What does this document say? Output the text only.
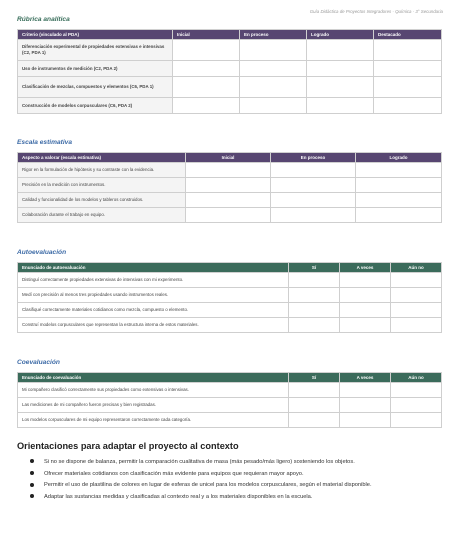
Guía Didáctica de Proyectos Integradores · Química · 3° Secundaria
Rúbrica analítica
Criterio (vinculado al PDA)	Inicial	En proceso	Logrado	Destacado
Diferenciación experimental de propiedades extensivas e intensivas (C2, PDA 1)				
Uso de instrumentos de medición (C2, PDA 2)				
Clasificación de mezclas, compuestos y elementos (C6, PDA 1)				
Construcción de modelos corpusculares (C6, PDA 2)				
Escala estimativa
Aspecto a valorar (escala estimativa)	Inicial	En proceso	Logrado
Rigor en la formulación de hipótesis y su contraste con la evidencia.			
Precisión en la medición con instrumentos.			
Calidad y funcionalidad de los modelos y tableros construidos.			
Colaboración durante el trabajo en equipo.			
Autoevaluación
Enunciado de autoevaluación	Sí	A veces	Aún no
Distinguí correctamente propiedades extensivas de intensivas con mi experimento.			
Medí con precisión al menos tres propiedades usando instrumentos reales.			
Clasifiqué correctamente materiales cotidianos como mezcla, compuesto o elemento.			
Construí modelos corpusculares que representan la estructura interna de estos materiales.			
Coevaluación
Enunciado de coevaluación	Sí	A veces	Aún no
Mi compañero clasificó correctamente sus propiedades como extensivas o intensivas.			
Las mediciones de mi compañero fueron precisas y bien registradas.			
Los modelos corpusculares de mi equipo representaron correctamente cada categoría.			
Orientaciones para adaptar el proyecto al contexto
Si no se dispone de balanza, permitir la comparación cualitativa de masa (más pesado/más ligero) sosteniendo los objetos.
Ofrecer materiales cotidianos con clasificación más evidente para equipos que requieran mayor apoyo.
Permitir el uso de plastilina de colores en lugar de esferas de unicel para los modelos corpusculares, según el material disponible.
Adaptar las sustancias medidas y clasificadas al contexto real y a los materiales disponibles en la escuela.
